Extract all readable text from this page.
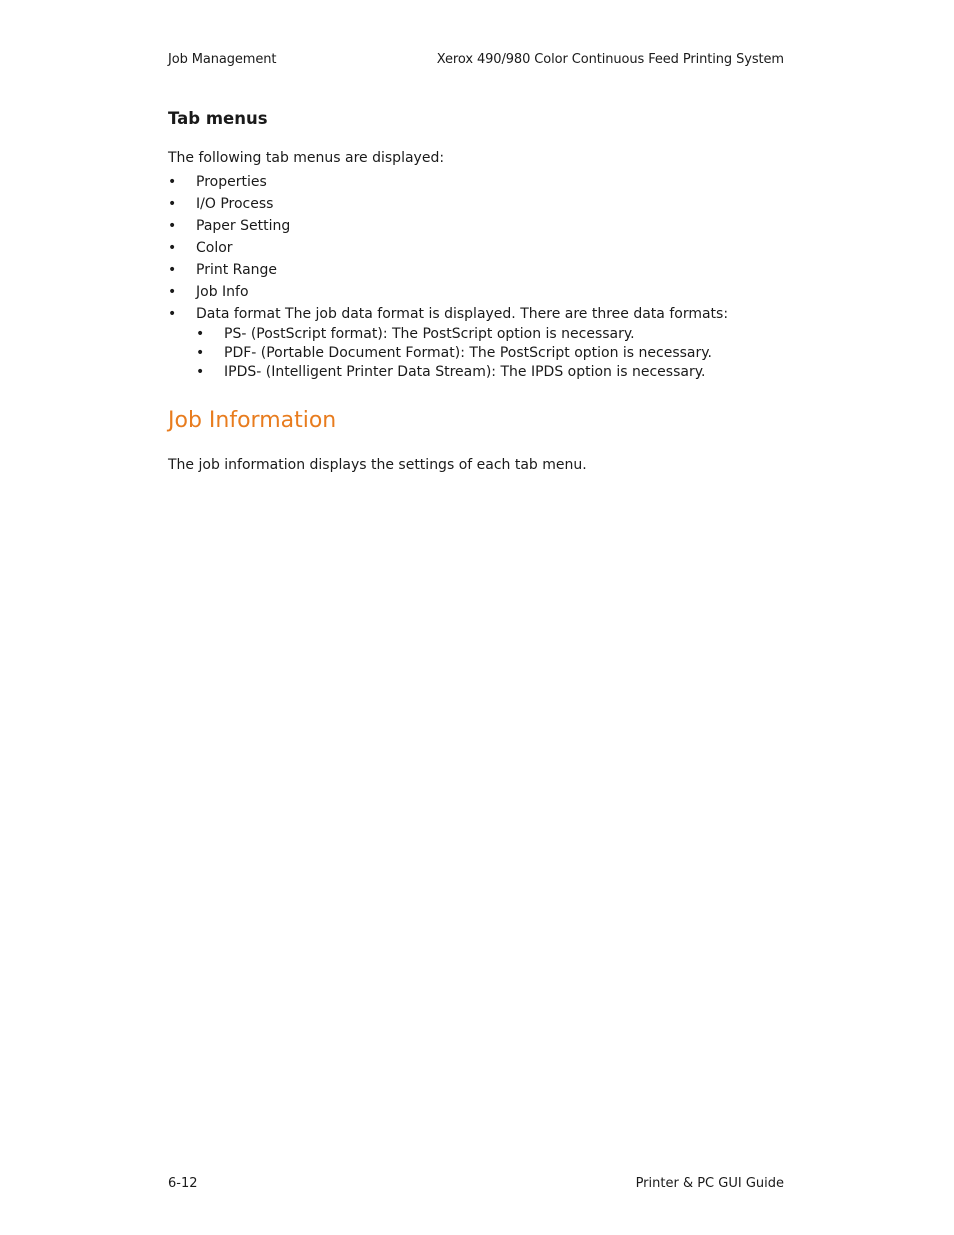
Job Management	Xerox 490/980 Color Continuous Feed Printing System
Tab menus

The following tab menus are displayed:

• Properties
• I/O Process
• Paper Setting
• Color
• Print Range
• Job Info
• Data format The job data format is displayed. There are three data formats:
• PS- (PostScript format): The PostScript option is necessary.
• PDF- (Portable Document Format): The PostScript option is necessary.
• IPDS- (Intelligent Printer Data Stream): The IPDS option is necessary.
Job Information

The job information displays the settings of each tab menu.

6-12	Printer & PC GUI Guide
